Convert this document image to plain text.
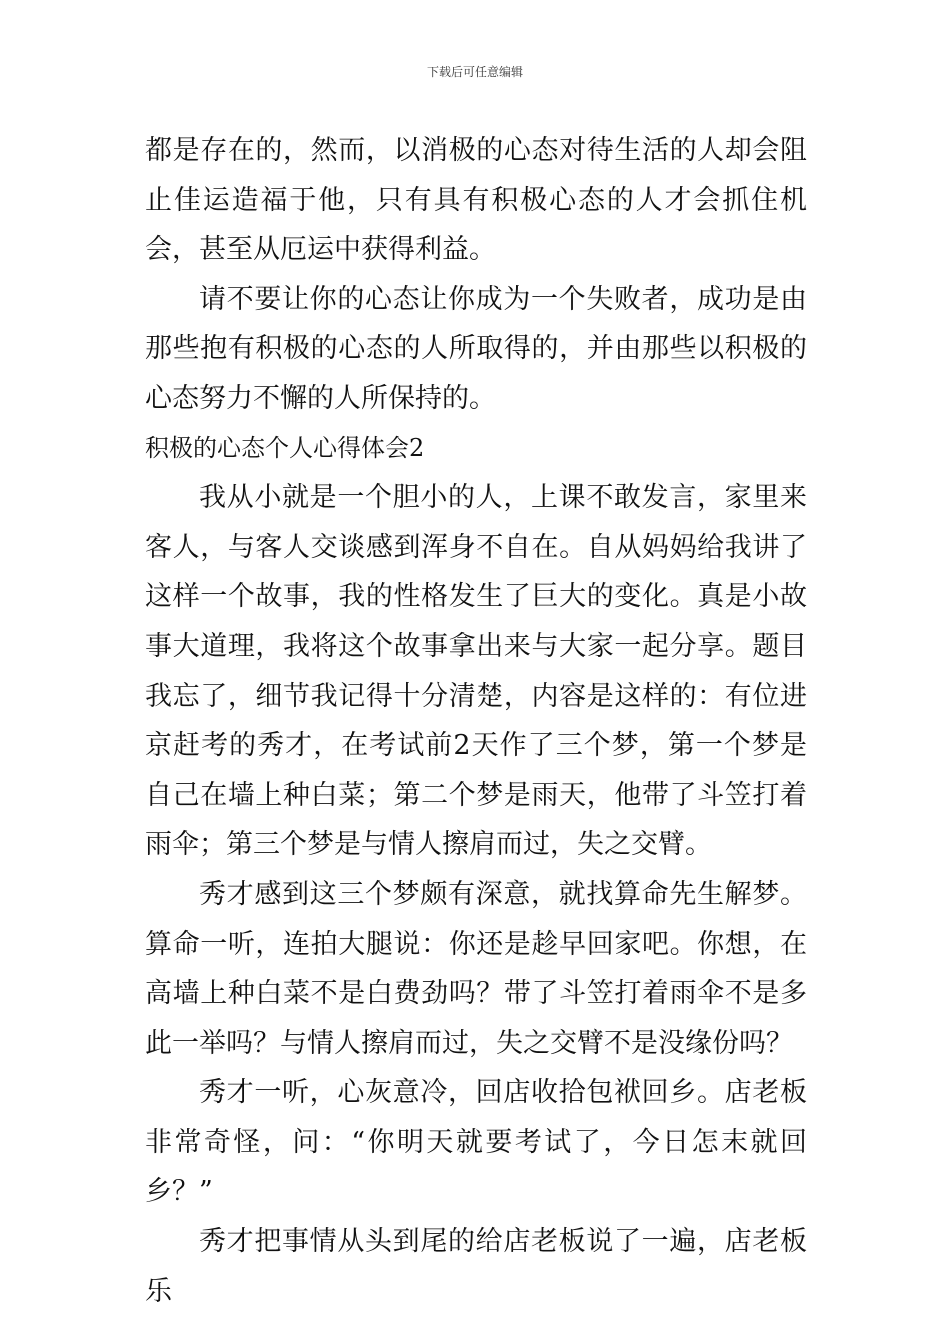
下载后可任意编辑

都是存在的，然而，以消极的心态对待生活的人却会阻止佳运造福于他，只有具有积极心态的人才会抓住机会，甚至从厄运中获得利益。

请不要让你的心态让你成为一个失败者，成功是由那些抱有积极的心态的人所取得的，并由那些以积极的心态努力不懈的人所保持的。

积极的心态个人心得体会2

我从小就是一个胆小的人，上课不敢发言，家里来客人，与客人交谈感到浑身不自在。自从妈妈给我讲了这样一个故事，我的性格发生了巨大的变化。真是小故事大道理，我将这个故事拿出来与大家一起分享。题目我忘了，细节我记得十分清楚，内容是这样的：有位进京赶考的秀才，在考试前2天作了三个梦，第一个梦是自己在墙上种白菜；第二个梦是雨天，他带了斗笠打着雨伞；第三个梦是与情人擦肩而过，失之交臂。

秀才感到这三个梦颇有深意，就找算命先生解梦。算命一听，连拍大腿说：你还是趁早回家吧。你想，在高墙上种白菜不是白费劲吗？带了斗笠打着雨伞不是多此一举吗？与情人擦肩而过，失之交臂不是没缘份吗？

秀才一听，心灰意冷，回店收拾包袱回乡。店老板非常奇怪，问：“你明天就要考试了，今日怎末就回乡？”

秀才把事情从头到尾的给店老板说了一遍，店老板乐
